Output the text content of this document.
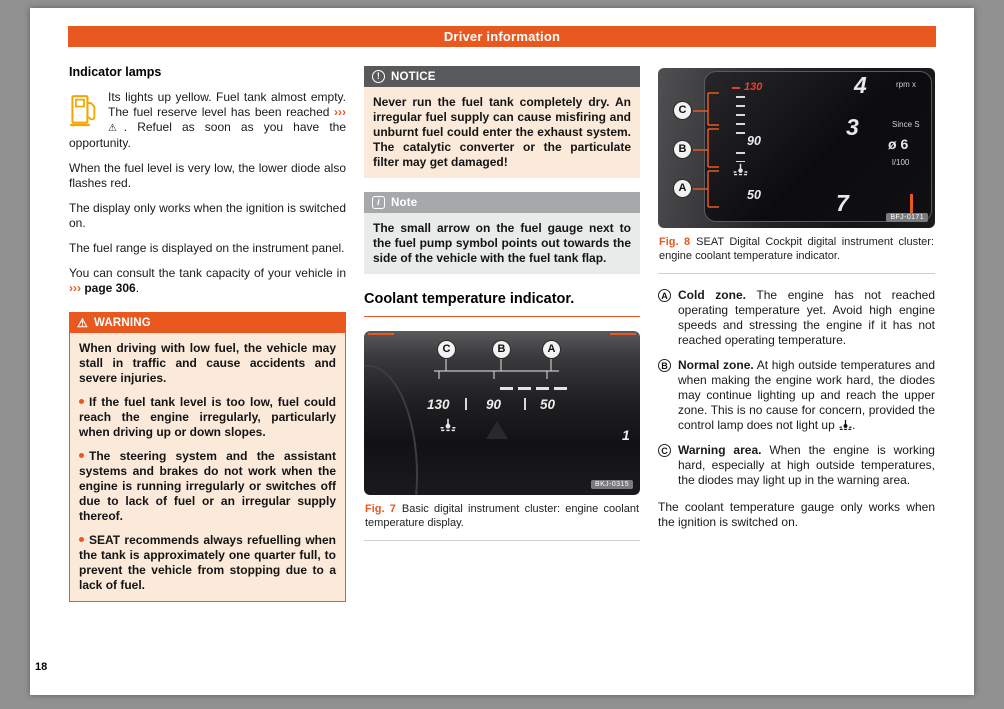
Driver information
Indicator lamps

Its lights up yellow. Fuel tank almost empty. The fuel reserve level has been reached ››› ⚠. Refuel as soon as you have the opportunity.

When the fuel level is very low, the lower diode also flashes red.

The display only works when the ignition is switched on.

The fuel range is displayed on the instrument panel.

You can consult the tank capacity of your vehicle in ››› page 306.

⚠ WARNING

When driving with low fuel, the vehicle may stall in traffic and cause accidents and severe injuries.

If the fuel tank level is too low, fuel could reach the engine irregularly, particularly when driving up or down slopes.

The steering system and the assistant systems and brakes do not work when the engine is running irregularly or switches off due to lack of fuel or an irregular supply thereof.

SEAT recommends always refuelling when the tank is approximately one quarter full, to prevent the vehicle from stopping due to a lack of fuel.

! NOTICE

Never run the fuel tank completely dry. An irregular fuel supply can cause misfiring and unburnt fuel could enter the exhaust system. The catalytic converter or the particulate filter may get damaged!

i Note

The small arrow on the fuel gauge next to the fuel pump symbol points out towards the side of the vehicle with the fuel tank flap.

Coolant temperature indicator.
C	B	A
130	90	50
1
BKJ-0315
Fig. 7 Basic digital instrument cluster: engine coolant temperature display.
C
B
A
130
90
50
4
3
7
rpm x
Since S
ø 6
l/100
BFJ-0171
Fig. 8 SEAT Digital Cockpit digital instrument cluster: engine coolant temperature indicator.
A Cold zone. The engine has not reached operating temperature yet. Avoid high engine speeds and stressing the engine if it has not reached operating temperature.

B Normal zone. At high outside temperatures and when making the engine work hard, the diodes may continue lighting up and reach the upper zone. This is no cause for concern, provided the control lamp does not light up .

C Warning area. When the engine is working hard, especially at high outside temperatures, the diodes may light up in the warning area.

The coolant temperature gauge only works when the ignition is switched on.

18
